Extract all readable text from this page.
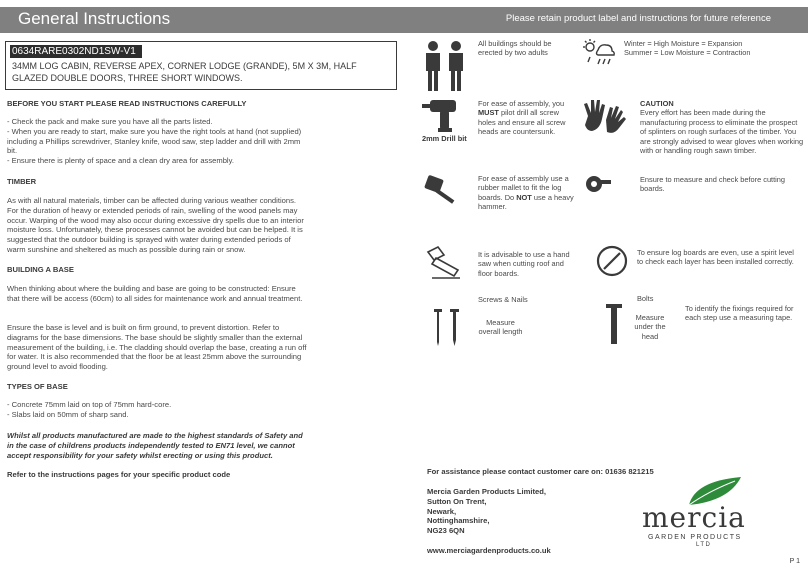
General Instructions	Please retain product label and instructions for future reference
0634RARE0302ND1SW-V1
34MM LOG CABIN, REVERSE APEX, CORNER LODGE (GRANDE), 5M X 3M, HALF GLAZED DOUBLE DOORS, THREE SHORT WINDOWS.
BEFORE YOU START PLEASE READ INSTRUCTIONS CAREFULLY
- Check the pack and make sure you have all the parts listed.
- When you are ready to start, make sure you have the right tools at hand (not supplied) including a Phillips screwdriver, Stanley knife, wood saw, step ladder and drill with 2mm bit.
- Ensure there is plenty of space and a clean dry area for assembly.
TIMBER
As with all natural materials, timber can be affected during various weather conditions. For the duration of heavy or extended periods of rain, swelling of the wood panels may occur. Warping of the wood may also occur during excessive dry spells due to an interior moisture loss. Unfortunately, these processes cannot be avoided but can be helped. It is suggested that the outdoor building is sprayed with water during extended periods of warm sunshine and sheltered as much as possible during rain or snow.
BUILDING A BASE
When thinking about where the building and base are going to be constructed: Ensure that there will be access (60cm) to all sides for maintenance work and annual treatment.
Ensure the base is level and is built on firm ground, to prevent distortion. Refer to diagrams for the base dimensions. The base should be slightly smaller than the external measurement of the building, i.e. The cladding should overlap the base, creating a run off for water. It is also recommended that the floor be at least 25mm above the surrounding ground level to avoid flooding.
TYPES OF BASE
- Concrete 75mm laid on top of 75mm hard-core.
- Slabs laid on 50mm of sharp sand.
Whilst all products manufactured are made to the highest standards of Safety and in the case of childrens products independently tested to EN71 level, we cannot accept responsibility for your safety whilst erecting or using this product.
Refer to the instructions pages for your specific product code
All buildings should be erected by two adults
Winter = High Moisture = Expansion
Summer = Low Moisture = Contraction
2mm Drill bit
For ease of assembly, you MUST pilot drill all screw holes and ensure all screw heads are countersunk.
CAUTION
Every effort has been made during the manufacturing process to eliminate the prospect of splinters on rough surfaces of the timber. You are strongly advised to wear gloves when working with or handling rough sawn timber.
For ease of assembly use a rubber mallet to fit the log boards. Do NOT use a heavy hammer.
Ensure to measure and check before cutting boards.
It is advisable to use a hand saw when cutting roof and floor boards.
To ensure log boards are even, use a spirit level to check each layer has been installed correctly.
Screws & Nails
Measure overall length
Bolts
Measure under the head
To identify the fixings required for each step use a measuring tape.
For assistance please contact customer care on: 01636 821215
Mercia Garden Products Limited,
Sutton On Trent,
Newark,
Nottinghamshire,
NG23 6QN
www.merciagardenproducts.co.uk
mercia
GARDEN PRODUCTS
LTD
P 1
